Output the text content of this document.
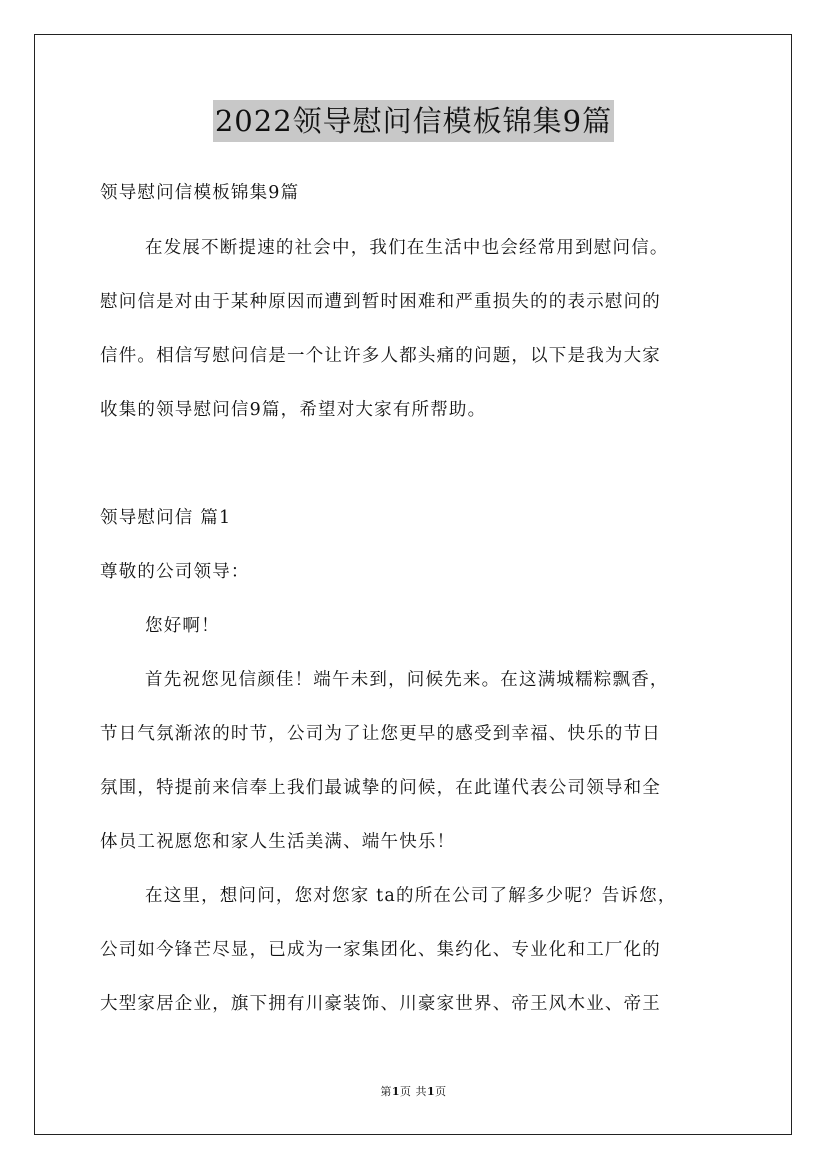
2022领导慰问信模板锦集9篇
领导慰问信模板锦集9篇
在发展不断提速的社会中，我们在生活中也会经常用到慰问信。
慰问信是对由于某种原因而遭到暂时困难和严重损失的的表示慰问的
信件。相信写慰问信是一个让许多人都头痛的问题，以下是我为大家
收集的领导慰问信9篇，希望对大家有所帮助。
领导慰问信 篇1
尊敬的公司领导：
您好啊！
首先祝您见信颜佳！端午未到，问候先来。在这满城糯粽飘香，
节日气氛渐浓的时节，公司为了让您更早的感受到幸福、快乐的节日
氛围，特提前来信奉上我们最诚挚的问候，在此谨代表公司领导和全
体员工祝愿您和家人生活美满、端午快乐！
在这里，想问问，您对您家 ta的所在公司了解多少呢？告诉您，
公司如今锋芒尽显，已成为一家集团化、集约化、专业化和工厂化的
大型家居企业，旗下拥有川豪装饰、川豪家世界、帝王风木业、帝王
第1页 共1页
